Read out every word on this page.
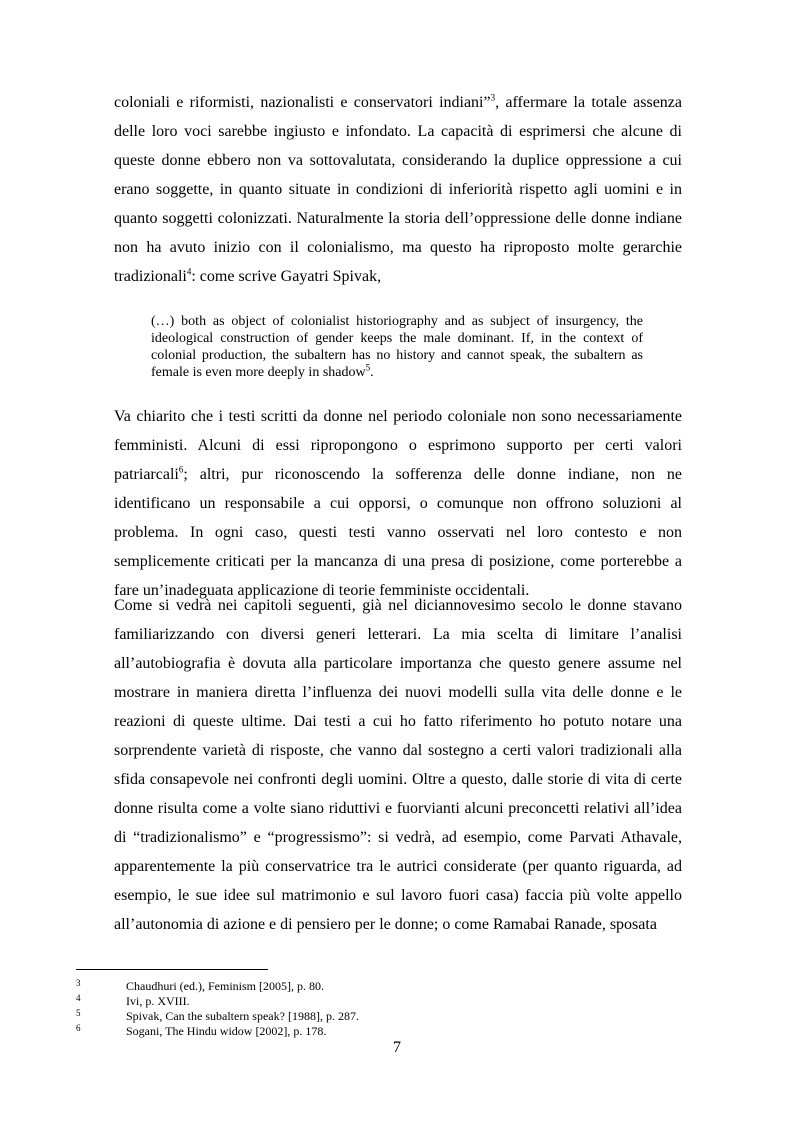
coloniali e riformisti, nazionalisti e conservatori indiani”$^3$, affermare la totale assenza delle loro voci sarebbe ingiusto e infondato. La capacità di esprimersi che alcune di queste donne ebbero non va sottovalutata, considerando la duplice oppressione a cui erano soggette, in quanto situate in condizioni di inferiorità rispetto agli uomini e in quanto soggetti colonizzati. Naturalmente la storia dell’oppressione delle donne indiane non ha avuto inizio con il colonialismo, ma questo ha riproposto molte gerarchie tradizionali$^4$: come scrive Gayatri Spivak,

(…) both as object of colonialist historiography and as subject of insurgency, the ideological construction of gender keeps the male dominant. If, in the context of colonial production, the subaltern has no history and cannot speak, the subaltern as female is even more deeply in shadow$^5$.

Va chiarito che i testi scritti da donne nel periodo coloniale non sono necessariamente femministi. Alcuni di essi ripropongono o esprimono supporto per certi valori patriarcali$^6$; altri, pur riconoscendo la sofferenza delle donne indiane, non ne identificano un responsabile a cui opporsi, o comunque non offrono soluzioni al problema. In ogni caso, questi testi vanno osservati nel loro contesto e non semplicemente criticati per la mancanza di una presa di posizione, come porterebbe a fare un’inadeguata applicazione di teorie femministe occidentali.

Come si vedrà nei capitoli seguenti, già nel diciannovesimo secolo le donne stavano familiarizzando con diversi generi letterari. La mia scelta di limitare l’analisi all’autobiografia è dovuta alla particolare importanza che questo genere assume nel mostrare in maniera diretta l’influenza dei nuovi modelli sulla vita delle donne e le reazioni di queste ultime. Dai testi a cui ho fatto riferimento ho potuto notare una sorprendente varietà di risposte, che vanno dal sostegno a certi valori tradizionali alla sfida consapevole nei confronti degli uomini. Oltre a questo, dalle storie di vita di certe donne risulta come a volte siano riduttivi e fuorvianti alcuni preconcetti relativi all’idea di “tradizionalismo” e “progressismo”: si vedrà, ad esempio, come Parvati Athavale, apparentemente la più conservatrice tra le autrici considerate (per quanto riguarda, ad esempio, le sue idee sul matrimonio e sul lavoro fuori casa) faccia più volte appello all’autonomia di azione e di pensiero per le donne; o come Ramabai Ranade, sposata

3	Chaudhuri (ed.), Feminism [2005], p. 80.
4	Ivi, p. XVIII.
5	Spivak, Can the subaltern speak? [1988], p. 287.
6	Sogani, The Hindu widow [2002], p. 178.
7
